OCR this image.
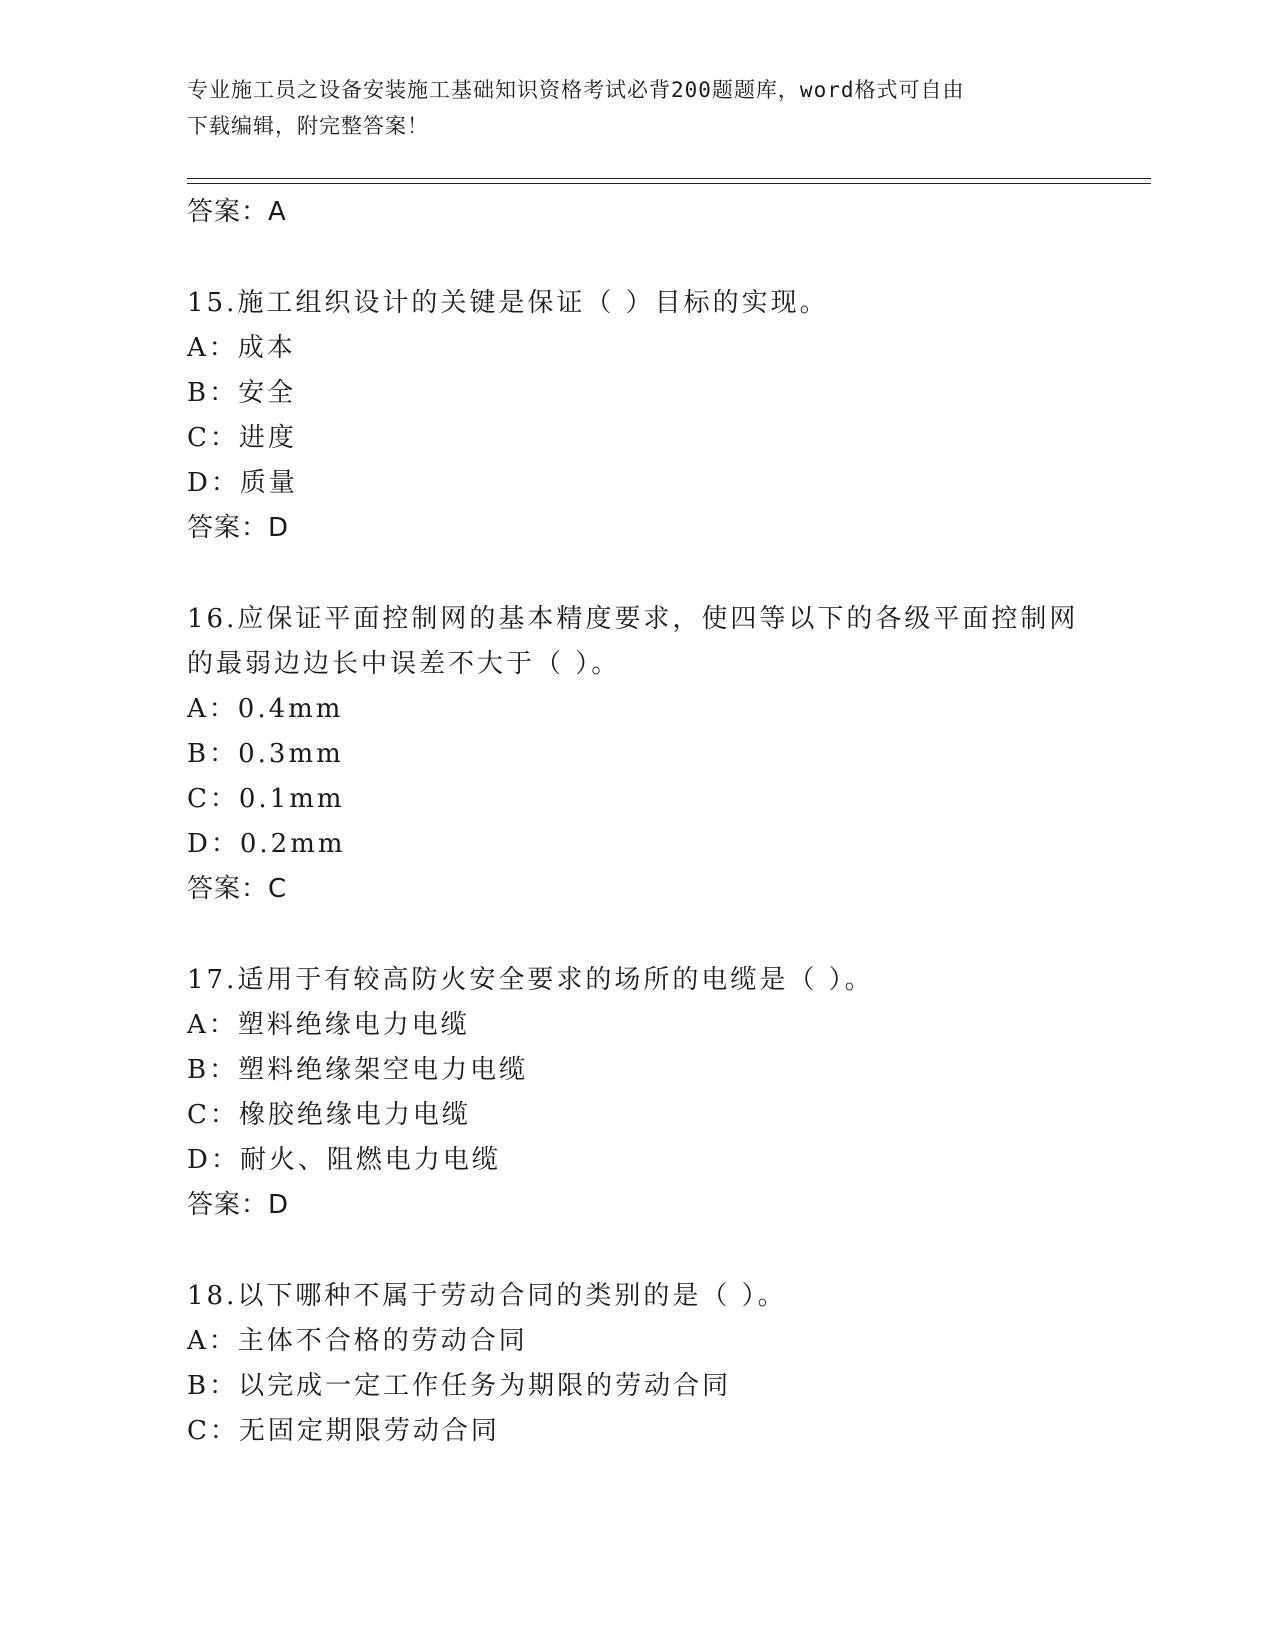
专业施工员之设备安装施工基础知识资格考试必背200题题库，word格式可自由
下载编辑，附完整答案！
答案：A
15.施工组织设计的关键是保证（ ）目标的实现。
A：成本
B：安全
C：进度
D：质量
答案：D
16.应保证平面控制网的基本精度要求，使四等以下的各级平面控制网
的最弱边边长中误差不大于（ ）。
A：0.4mm
B：0.3mm
C：0.1mm
D：0.2mm
答案：C
17.适用于有较高防火安全要求的场所的电缆是（ ）。
A：塑料绝缘电力电缆
B：塑料绝缘架空电力电缆
C：橡胶绝缘电力电缆
D：耐火、阻燃电力电缆
答案：D
18.以下哪种不属于劳动合同的类别的是（ ）。
A：主体不合格的劳动合同
B：以完成一定工作任务为期限的劳动合同
C：无固定期限劳动合同
